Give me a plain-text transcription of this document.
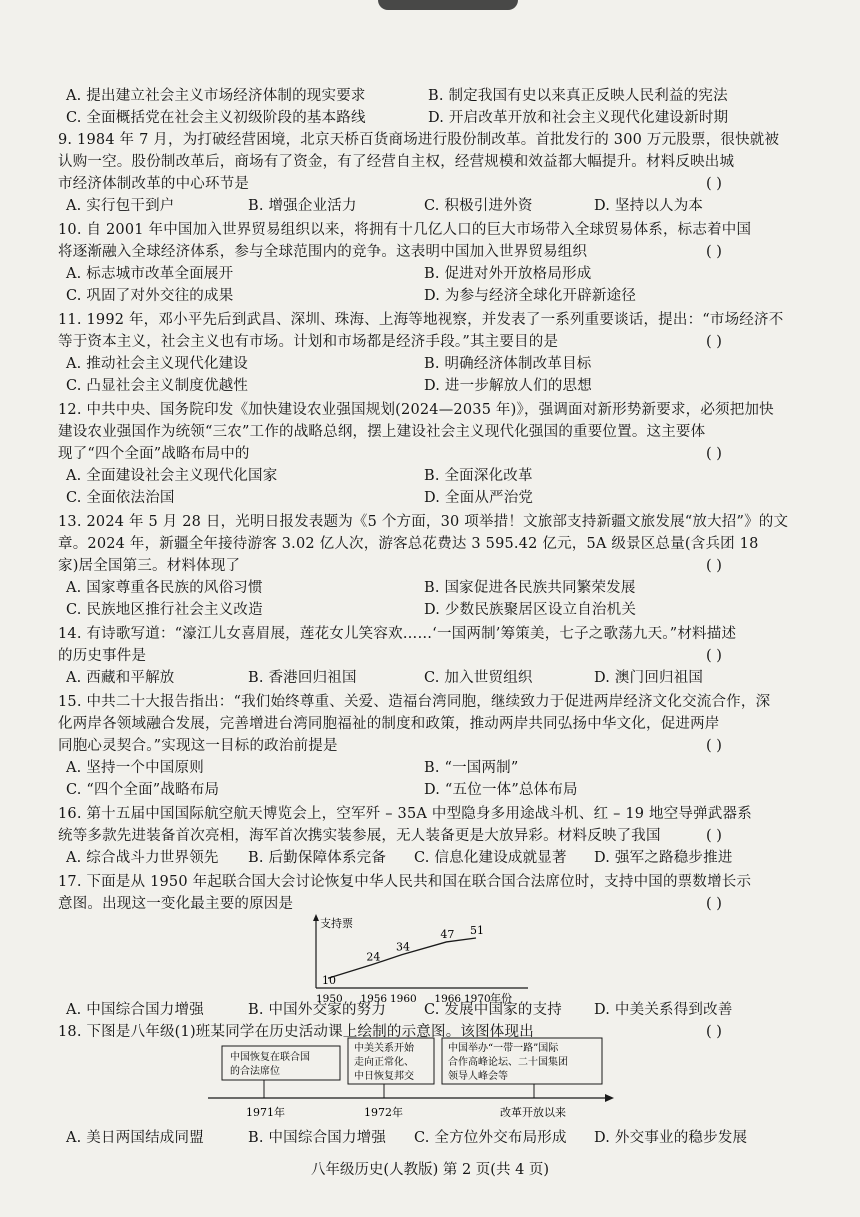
A. 提出建立社会主义市场经济体制的现实要求	B. 制定我国有史以来真正反映人民利益的宪法
C. 全面概括党在社会主义初级阶段的基本路线	D. 开启改革开放和社会主义现代化建设新时期
9. 1984 年 7 月，为打破经营困境，北京天桥百货商场进行股份制改革。首批发行的 300 万元股票，很快就被
认购一空。股份制改革后，商场有了资金，有了经营自主权，经营规模和效益都大幅提升。材料反映出城
市经济体制改革的中心环节是	( )
A. 实行包干到户	B. 增强企业活力	C. 积极引进外资	D. 坚持以人为本
10. 自 2001 年中国加入世界贸易组织以来，将拥有十几亿人口的巨大市场带入全球贸易体系，标志着中国
将逐渐融入全球经济体系，参与全球范围内的竞争。这表明中国加入世界贸易组织	( )
A. 标志城市改革全面展开	B. 促进对外开放格局形成
C. 巩固了对外交往的成果	D. 为参与经济全球化开辟新途径
11. 1992 年，邓小平先后到武昌、深圳、珠海、上海等地视察，并发表了一系列重要谈话，提出：“市场经济不
等于资本主义，社会主义也有市场。计划和市场都是经济手段。”其主要目的是	( )
A. 推动社会主义现代化建设	B. 明确经济体制改革目标
C. 凸显社会主义制度优越性	D. 进一步解放人们的思想
12. 中共中央、国务院印发《加快建设农业强国规划(2024—2035 年)》，强调面对新形势新要求，必须把加快
建设农业强国作为统领“三农”工作的战略总纲，摆上建设社会主义现代化强国的重要位置。这主要体
现了“四个全面”战略布局中的	( )
A. 全面建设社会主义现代化国家	B. 全面深化改革
C. 全面依法治国	D. 全面从严治党
13. 2024 年 5 月 28 日，光明日报发表题为《5 个方面，30 项举措！文旅部支持新疆文旅发展“放大招”》的文
章。2024 年，新疆全年接待游客 3.02 亿人次，游客总花费达 3 595.42 亿元，5A 级景区总量(含兵团 18
家)居全国第三。材料体现了	( )
A. 国家尊重各民族的风俗习惯	B. 国家促进各民族共同繁荣发展
C. 民族地区推行社会主义改造	D. 少数民族聚居区设立自治机关
14. 有诗歌写道：“濠江儿女喜眉展，莲花女儿笑容欢……‘一国两制’筹策美，七子之歌荡九天。”材料描述
的历史事件是	( )
A. 西藏和平解放	B. 香港回归祖国	C. 加入世贸组织	D. 澳门回归祖国
15. 中共二十大报告指出：“我们始终尊重、关爱、造福台湾同胞，继续致力于促进两岸经济文化交流合作，深
化两岸各领域融合发展，完善增进台湾同胞福祉的制度和政策，推动两岸共同弘扬中华文化，促进两岸
同胞心灵契合。”实现这一目标的政治前提是	( )
A. 坚持一个中国原则	B. “一国两制”
C. “四个全面”战略布局	D. “五位一体”总体布局
16. 第十五届中国国际航空航天博览会上，空军歼 – 35A 中型隐身多用途战斗机、红 – 19 地空导弹武器系
统等多款先进装备首次亮相，海军首次携实装参展，无人装备更是大放异彩。材料反映了我国	( )
A. 综合战斗力世界领先 B. 后勤保障体系完备 C. 信息化建设成就显著 D. 强军之路稳步推进
17. 下面是从 1950 年起联合国大会讨论恢复中华人民共和国在联合国合法席位时，支持中国的票数增长示
意图。出现这一变化最主要的原因是	( )
支持票
10
24
34
47 51
1950 1956 1960 1966 1970 年份
A. 中国综合国力增强	B. 中国外交家的努力	C. 发展中国家的支持 D. 中美关系得到改善
18. 下图是八年级(1)班某同学在历史活动课上绘制的示意图。该图体现出	( )
中国恢复在联合国
的合法席位
中美关系开始
走向正常化、
中日恢复邦交
中国举办“一带一路”国际
合作高峰论坛、二十国集团
领导人峰会等
1971年	1972年	改革开放以来
A. 美日两国结成同盟	B. 中国综合国力增强 C. 全方位外交布局形成 D. 外交事业的稳步发展
八年级历史(人教版) 第 2 页(共 4 页)
